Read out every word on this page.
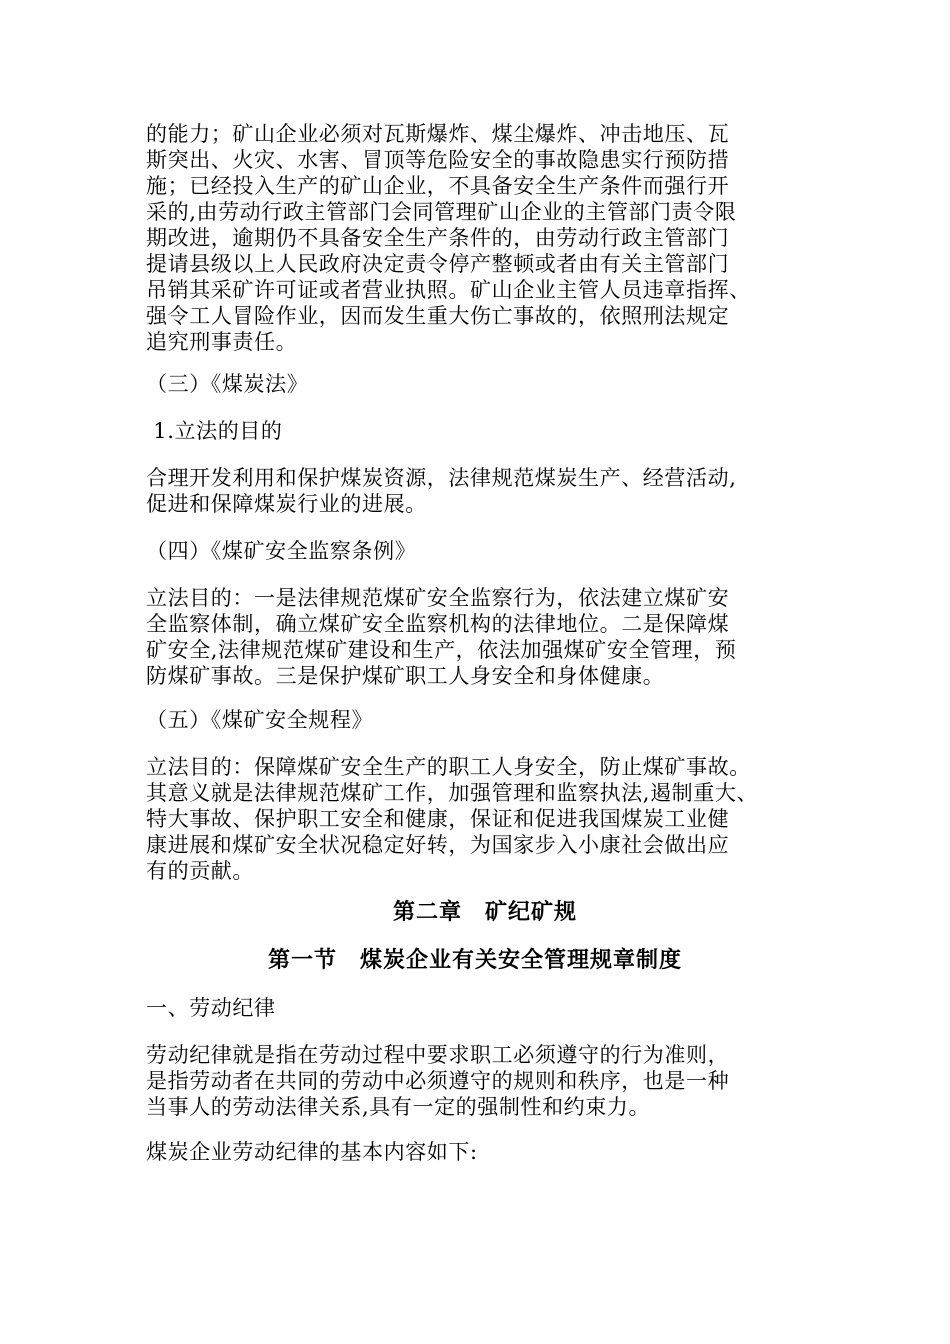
的能力；矿山企业必须对瓦斯爆炸、煤尘爆炸、冲击地压、瓦
斯突出、火灾、水害、冒顶等危险安全的事故隐患实行预防措
施；已经投入生产的矿山企业，不具备安全生产条件而强行开
采的,由劳动行政主管部门会同管理矿山企业的主管部门责令限
期改进，逾期仍不具备安全生产条件的，由劳动行政主管部门
提请县级以上人民政府决定责令停产整顿或者由有关主管部门
吊销其采矿许可证或者营业执照。矿山企业主管人员违章指挥、
强令工人冒险作业，因而发生重大伤亡事故的，依照刑法规定
追究刑事责任。
（三）《煤炭法》
1.立法的目的
合理开发利用和保护煤炭资源，法律规范煤炭生产、经营活动,
促进和保障煤炭行业的进展。
（四）《煤矿安全监察条例》
立法目的：一是法律规范煤矿安全监察行为，依法建立煤矿安
全监察体制，确立煤矿安全监察机构的法律地位。二是保障煤
矿安全,法律规范煤矿建设和生产，依法加强煤矿安全管理，预
防煤矿事故。三是保护煤矿职工人身安全和身体健康。
（五）《煤矿安全规程》
立法目的：保障煤矿安全生产的职工人身安全，防止煤矿事故。
其意义就是法律规范煤矿工作，加强管理和监察执法,遏制重大、
特大事故、保护职工安全和健康，保证和促进我国煤炭工业健
康进展和煤矿安全状况稳定好转，为国家步入小康社会做出应
有的贡献。
第二章　矿纪矿规
第一节　煤炭企业有关安全管理规章制度
一、劳动纪律
劳动纪律就是指在劳动过程中要求职工必须遵守的行为准则，
是指劳动者在共同的劳动中必须遵守的规则和秩序，也是一种
当事人的劳动法律关系,具有一定的强制性和约束力。
煤炭企业劳动纪律的基本内容如下:
